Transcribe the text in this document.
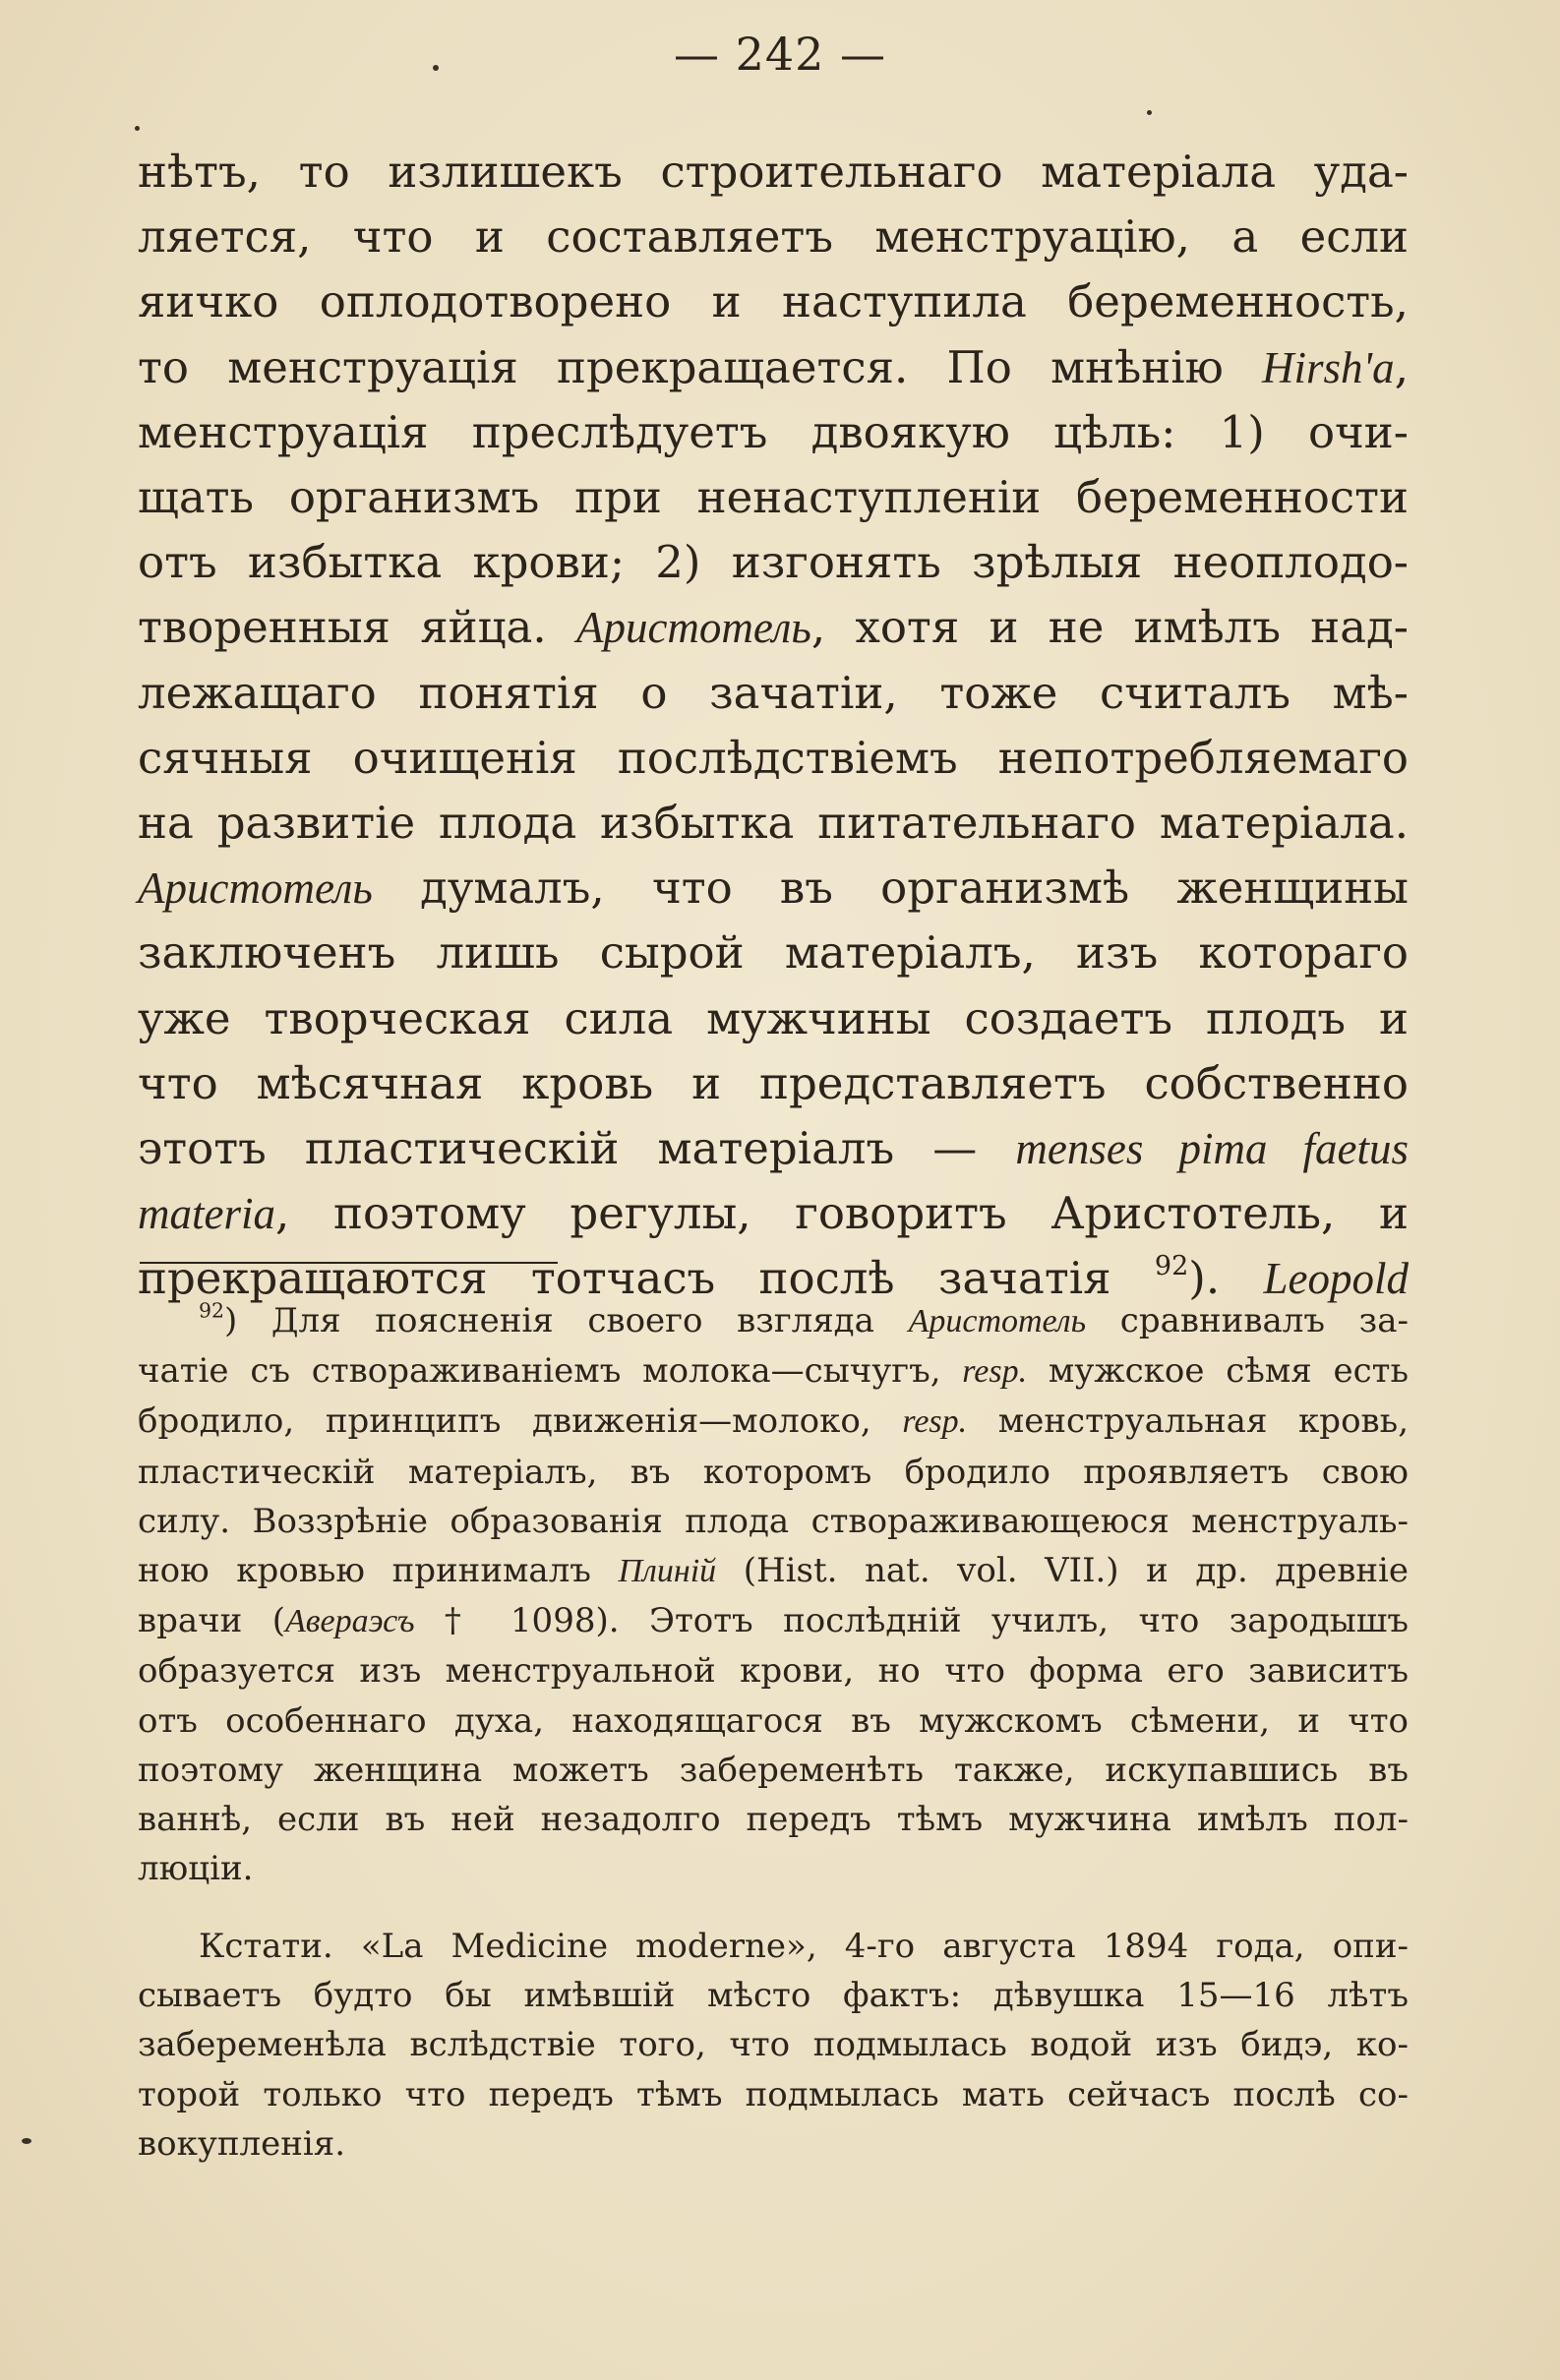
— 242 —
нѣтъ, то излишекъ строительнаго матеріала уда-
ляется, что и составляетъ менструацію, а если
яичко оплодотворено и наступила беременность,
то менструація прекращается. По мнѣнію Hirsh'a,
менструація преслѣдуетъ двоякую цѣль: 1) очи-
щать организмъ при ненаступленіи беременности
отъ избытка крови; 2) изгонять зрѣлыя неоплодо-
творенныя яйца. Аристотель, хотя и не имѣлъ над-
лежащаго понятія о зачатіи, тоже считалъ мѣ-
сячныя очищенія послѣдствіемъ непотребляемаго
на развитіе плода избытка питательнаго матеріала.
Аристотель думалъ, что въ организмѣ женщины
заключенъ лишь сырой матеріалъ, изъ котораго
уже творческая сила мужчины создаетъ плодъ и
что мѣсячная кровь и представляетъ собственно
этотъ пластическій матеріалъ — menses pima faetus
materia, поэтому регулы, говоритъ Аристотель, и
прекращаются тотчасъ послѣ зачатія $^{92}$). Leopold
$^{92}$) Для поясненія своего взгляда Аристотель сравнивалъ за-
чатіе съ створаживаніемъ молока—сычугъ, resp. мужское сѣмя есть
бродило, принципъ движенія—молоко, resp. менструальная кровь,
пластическій матеріалъ, въ которомъ бродило проявляетъ свою
силу. Воззрѣніе образованія плода створаживающеюся менструаль-
ною кровью принималъ Плиній (Hist. nat. vol. VII.) и др. древніе
врачи (Авераэсъ † 1098). Этотъ послѣдній училъ, что зародышъ
образуется изъ менструальной крови, но что форма его зависитъ
отъ особеннаго духа, находящагося въ мужскомъ сѣмени, и что
поэтому женщина можетъ забеременѣть также, искупавшись въ
ваннѣ, если въ ней незадолго передъ тѣмъ мужчина имѣлъ пол-
люціи.
Кстати. «La Medicine moderne», 4-го августа 1894 года, опи-
сываетъ будто бы имѣвшій мѣсто фактъ: дѣвушка 15—16 лѣтъ
забеременѣла вслѣдствіе того, что подмылась водой изъ бидэ, ко-
торой только что передъ тѣмъ подмылась мать сейчасъ послѣ со-
вокупленія.
